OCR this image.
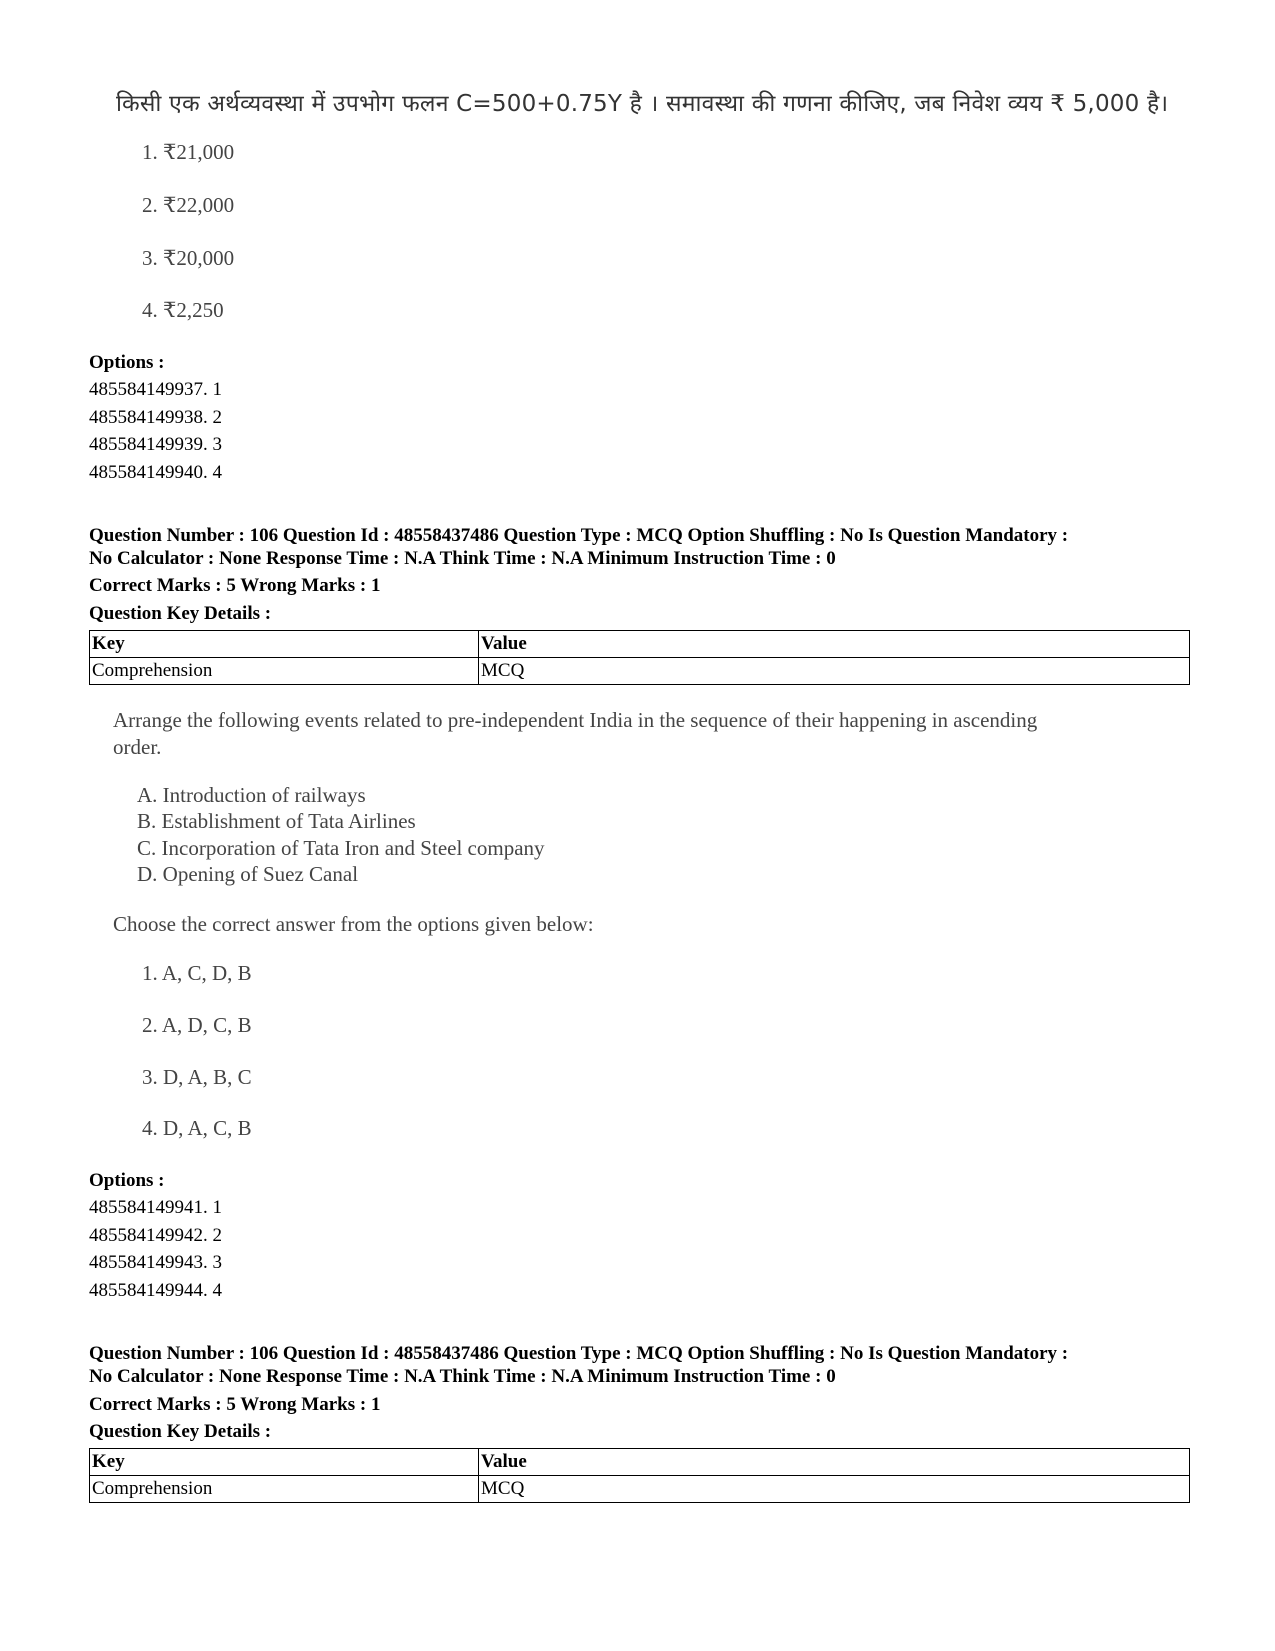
किसी एक अर्थव्यवस्था में उपभोग फलन C=500+0.75Y है । समावस्था की गणना कीजिए, जब निवेश व्यय ₹ 5,000 है।
1. ₹21,000
2. ₹22,000
3. ₹20,000
4. ₹2,250
Options :
485584149937. 1
485584149938. 2
485584149939. 3
485584149940. 4
Question Number : 106 Question Id : 48558437486 Question Type : MCQ Option Shuffling : No Is Question Mandatory :
No Calculator : None Response Time : N.A Think Time : N.A Minimum Instruction Time : 0
Correct Marks : 5 Wrong Marks : 1
Question Key Details :
Key	Value
Comprehension	MCQ
Arrange the following events related to pre-independent India in the sequence of their happening in ascending
order.
A. Introduction of railways
B. Establishment of Tata Airlines
C. Incorporation of Tata Iron and Steel company
D. Opening of Suez Canal
Choose the correct answer from the options given below:
1. A, C, D, B
2. A, D, C, B
3. D, A, B, C
4. D, A, C, B
Options :
485584149941. 1
485584149942. 2
485584149943. 3
485584149944. 4
Question Number : 106 Question Id : 48558437486 Question Type : MCQ Option Shuffling : No Is Question Mandatory :
No Calculator : None Response Time : N.A Think Time : N.A Minimum Instruction Time : 0
Correct Marks : 5 Wrong Marks : 1
Question Key Details :
Key	Value
Comprehension	MCQ
